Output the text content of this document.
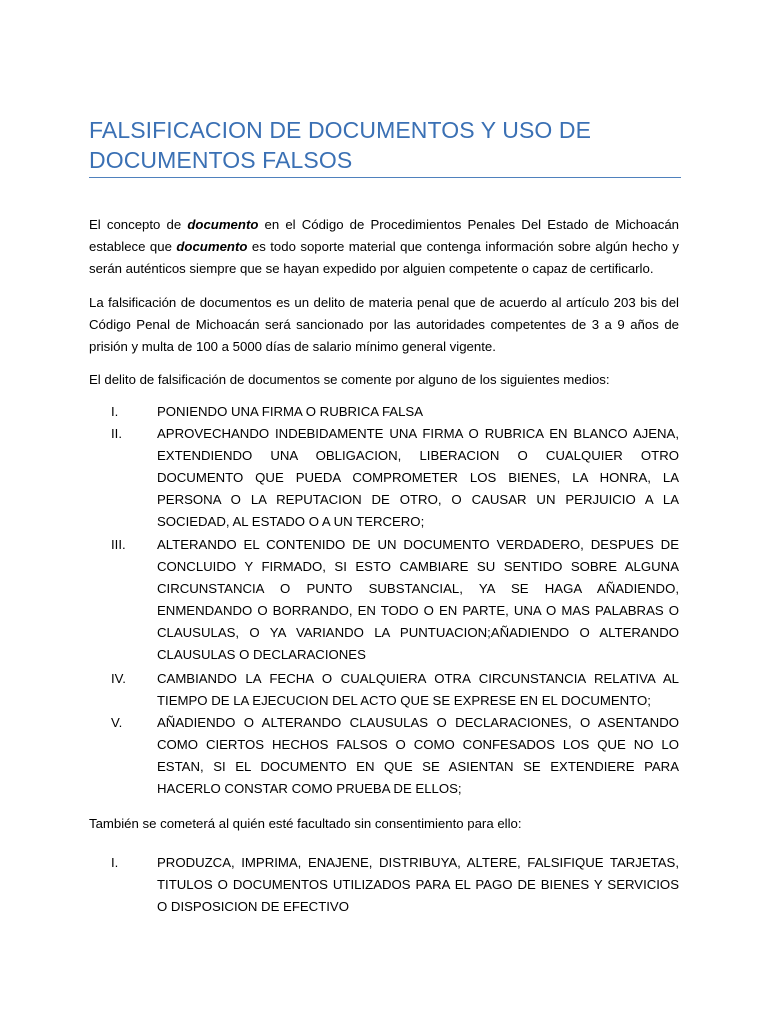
FALSIFICACION DE DOCUMENTOS Y USO DE DOCUMENTOS FALSOS
El concepto de documento en el Código de Procedimientos Penales Del Estado de Michoacán establece que documento es todo soporte material que contenga información sobre algún hecho y serán auténticos siempre que se hayan expedido por alguien competente o capaz de certificarlo.
La falsificación de documentos es un delito de materia penal que de acuerdo al artículo 203 bis del Código Penal de Michoacán será sancionado por las autoridades competentes de 3 a 9 años de prisión y multa de 100 a 5000 días de salario mínimo general vigente.
El delito de falsificación de documentos se comente por alguno de los siguientes medios:
I.	PONIENDO UNA FIRMA O RUBRICA FALSA
II.	APROVECHANDO INDEBIDAMENTE UNA FIRMA O RUBRICA EN BLANCO AJENA, EXTENDIENDO UNA OBLIGACION, LIBERACION O CUALQUIER OTRO DOCUMENTO QUE PUEDA COMPROMETER LOS BIENES, LA HONRA, LA PERSONA O LA REPUTACION DE OTRO, O CAUSAR UN PERJUICIO A LA SOCIEDAD, AL ESTADO O A UN TERCERO;
III. ALTERANDO EL CONTENIDO DE UN DOCUMENTO VERDADERO, DESPUES DE CONCLUIDO Y FIRMADO, SI ESTO CAMBIARE SU SENTIDO SOBRE ALGUNA CIRCUNSTANCIA O PUNTO SUBSTANCIAL, YA SE HAGA AÑADIENDO, ENMENDANDO O BORRANDO, EN TODO O EN PARTE, UNA O MAS PALABRAS O CLAUSULAS, O YA VARIANDO LA PUNTUACION;AÑADIENDO O ALTERANDO CLAUSULAS O DECLARACIONES
IV. CAMBIANDO LA FECHA O CUALQUIERA OTRA CIRCUNSTANCIA RELATIVA AL TIEMPO DE LA EJECUCION DEL ACTO QUE SE EXPRESE EN EL DOCUMENTO;
V.	AÑADIENDO O ALTERANDO CLAUSULAS O DECLARACIONES, O ASENTANDO COMO CIERTOS HECHOS FALSOS O COMO CONFESADOS LOS QUE NO LO ESTAN, SI EL DOCUMENTO EN QUE SE ASIENTAN SE EXTENDIERE PARA HACERLO CONSTAR COMO PRUEBA DE ELLOS;
También se cometerá al quién esté facultado sin consentimiento para ello:
I.	PRODUZCA, IMPRIMA, ENAJENE, DISTRIBUYA, ALTERE, FALSIFIQUE TARJETAS, TITULOS O DOCUMENTOS UTILIZADOS PARA EL PAGO DE BIENES Y SERVICIOS O DISPOSICION DE EFECTIVO
